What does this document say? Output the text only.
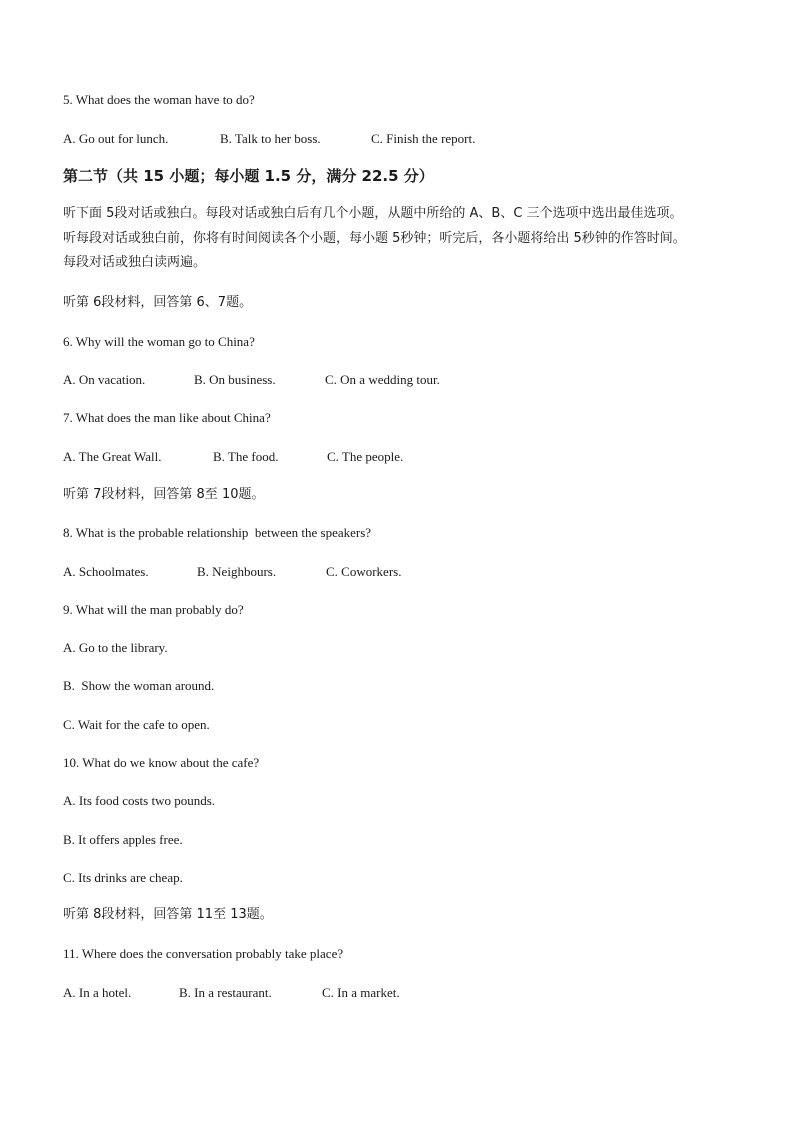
5. What does the woman have to do?
A. Go out for lunch.	B. Talk to her boss.	C. Finish the report.
第二节（共 15 小题；每小题 1.5 分，满分 22.5 分）
听下面 5段对话或独白。每段对话或独白后有几个小题，从题中所给的 A、B、C 三个选项中选出最佳选项。
听每段对话或独白前，你将有时间阅读各个小题，每小题 5秒钟；听完后，各小题将给出 5秒钟的作答时间。
每段对话或独白读两遍。
听第 6段材料，回答第 6、7题。
6. Why will the woman go to China?
A. On vacation.	B. On business.	C. On a wedding tour.
7. What does the man like about China?
A. The Great Wall.	B. The food.	C. The people.
听第 7段材料，回答第 8至 10题。
8. What is the probable relationship  between the speakers?
A. Schoolmates.	B. Neighbours.	C. Coworkers.
9. What will the man probably do?
A. Go to the library.
B.  Show the woman around.
C. Wait for the cafe to open.
10. What do we know about the cafe?
A. Its food costs two pounds.
B. It offers apples free.
C. Its drinks are cheap.
听第 8段材料，回答第 11至 13题。
11. Where does the conversation probably take place?
A. In a hotel.	B. In a restaurant.	C. In a market.
